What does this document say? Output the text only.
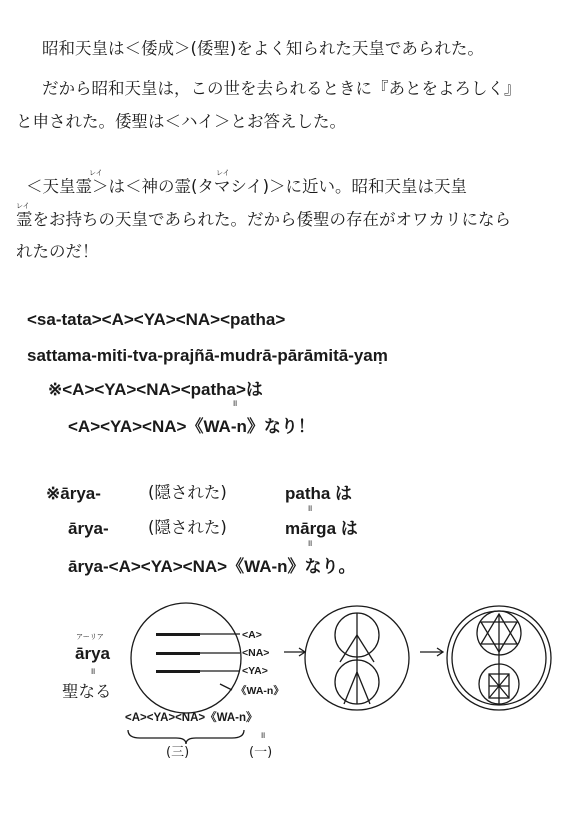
昭和天皇は＜倭成＞(倭聖)をよく知られた天皇であられた。
だから昭和天皇は，この世を去られるときに『あとをよろしく』
と申された。倭聖は＜ハイ＞とお答えした。
レイ	レイ
レイ
＜天皇霊＞は＜神の霊(タマシイ)＞に近い。昭和天皇は天皇
霊をお持ちの天皇であられた。だから倭聖の存在がオワカリになら
れたのだ！
<sa-tata><A><YA><NA><patha>
sattama-miti-tva-prajñā-mudrā-pārāmitā-yaṃ
※<A><YA><NA><patha>は
॥
<A><YA><NA>《WA-n》なり！
※ārya-	(隠された)	patha は
॥
ārya- (隠された)	mārga は
॥
ārya-<A><YA><NA>《WA-n》なり。
アーリア
ārya
॥
聖なる
<A>
<NA>
<YA>
《WA-n》
<A><YA><NA>《WA-n》
॥
(三)	(一)
